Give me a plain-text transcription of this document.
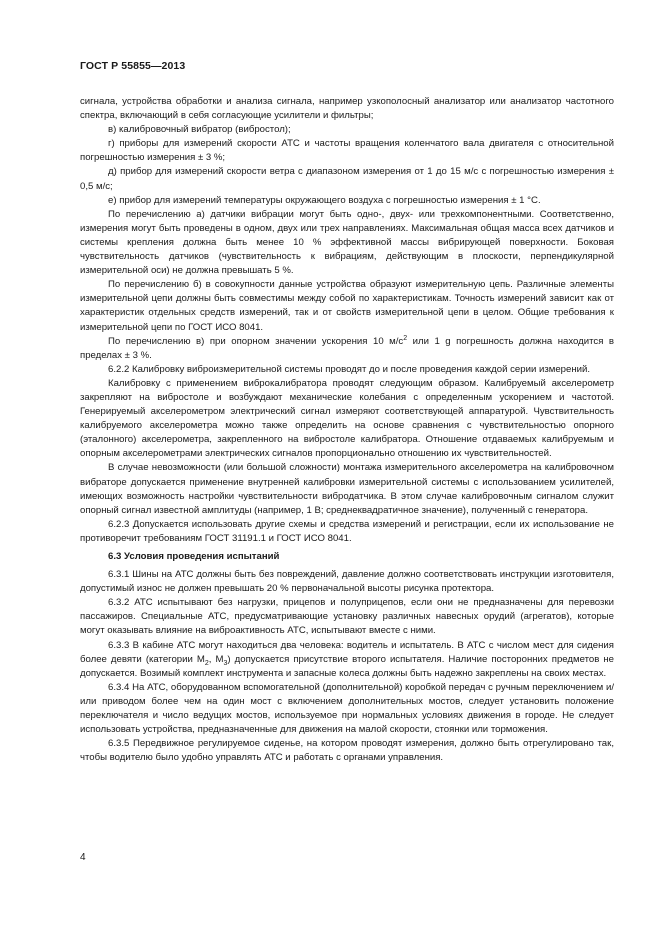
ГОСТ Р 55855—2013

сигнала, устройства обработки и анализа сигнала, например узкополосный анализатор или анализатор частотного спектра, включающий в себя согласующие усилители и фильтры;

в) калибровочный вибратор (вибростол);

г) приборы для измерений скорости АТС и частоты вращения коленчатого вала двигателя с относительной погрешностью измерения ± 3 %;

д) прибор для измерений скорости ветра с диапазоном измерения от 1 до 15 м/с с погрешностью измерения ± 0,5 м/с;

е) прибор для измерений температуры окружающего воздуха с погрешностью измерения ± 1 °С.

По перечислению а) датчики вибрации могут быть одно-, двух- или трехкомпонентными. Соответственно, измерения могут быть проведены в одном, двух или трех направлениях. Максимальная общая масса всех датчиков и системы крепления должна быть менее 10 % эффективной массы вибрирующей поверхности. Боковая чувствительность датчиков (чувствительность к вибрациям, действующим в плоскости, перпендикулярной измерительной оси) не должна превышать 5 %.

По перечислению б) в совокупности данные устройства образуют измерительную цепь. Различные элементы измерительной цепи должны быть совместимы между собой по характеристикам. Точность измерений зависит как от характеристик отдельных средств измерений, так и от свойств измерительной цепи в целом. Общие требования к измерительной цепи по ГОСТ ИСО 8041.

По перечислению в) при опорном значении ускорения 10 $м/с^2$ или 1 g погрешность должна находится в пределах ± 3 %.

6.2.2 Калибровку виброизмерительной системы проводят до и после проведения каждой серии измерений.

Калибровку с применением виброкалибратора проводят следующим образом. Калибруемый акселерометр закрепляют на вибростоле и возбуждают механические колебания с определенным ускорением и частотой. Генерируемый акселерометром электрический сигнал измеряют соответствующей аппаратурой. Чувствительность калибруемого акселерометра можно также определить на основе сравнения с чувствительностью опорного (эталонного) акселерометра, закрепленного на вибростоле калибратора. Отношение отдаваемых калибруемым и опорным акселерометрами электрических сигналов пропорционально отношению их чувствительностей.

В случае невозможности (или большой сложности) монтажа измерительного акселерометра на калибровочном вибраторе допускается применение внутренней калибровки измерительной системы с использованием усилителей, имеющих возможность настройки чувствительности вибродатчика. В этом случае калибровочным сигналом служит опорный сигнал известной амплитуды (например, 1 В; среднеквадратичное значение), полученный с генератора.

6.2.3 Допускается использовать другие схемы и средства измерений и регистрации, если их использование не противоречит требованиям ГОСТ 31191.1 и ГОСТ ИСО 8041.

6.3 Условия проведения испытаний

6.3.1 Шины на АТС должны быть без повреждений, давление должно соответствовать инструкции изготовителя, допустимый износ не должен превышать 20 % первоначальной высоты рисунка протектора.

6.3.2 АТС испытывают без нагрузки, прицепов и полуприцепов, если они не предназначены для перевозки пассажиров. Специальные АТС, предусматривающие установку различных навесных орудий (агрегатов), которые могут оказывать влияние на виброактивность АТС, испытывают вместе с ними.

6.3.3 В кабине АТС могут находиться два человека: водитель и испытатель. В АТС с числом мест для сидения более девяти (категории $М_2$, $М_3$) допускается присутствие второго испытателя. Наличие посторонних предметов не допускается. Возимый комплект инструмента и запасные колеса должны быть надежно закреплены на своих местах.

6.3.4 На АТС, оборудованном вспомогательной (дополнительной) коробкой передач с ручным переключением и/или приводом более чем на один мост с включением дополнительных мостов, следует установить положение переключателя и число ведущих мостов, используемое при нормальных условиях движения в городе. Не следует использовать устройства, предназначенные для движения на малой скорости, стоянки или торможения.

6.3.5 Передвижное регулируемое сиденье, на котором проводят измерения, должно быть отрегулировано так, чтобы водителю было удобно управлять АТС и работать с органами управления.

4
